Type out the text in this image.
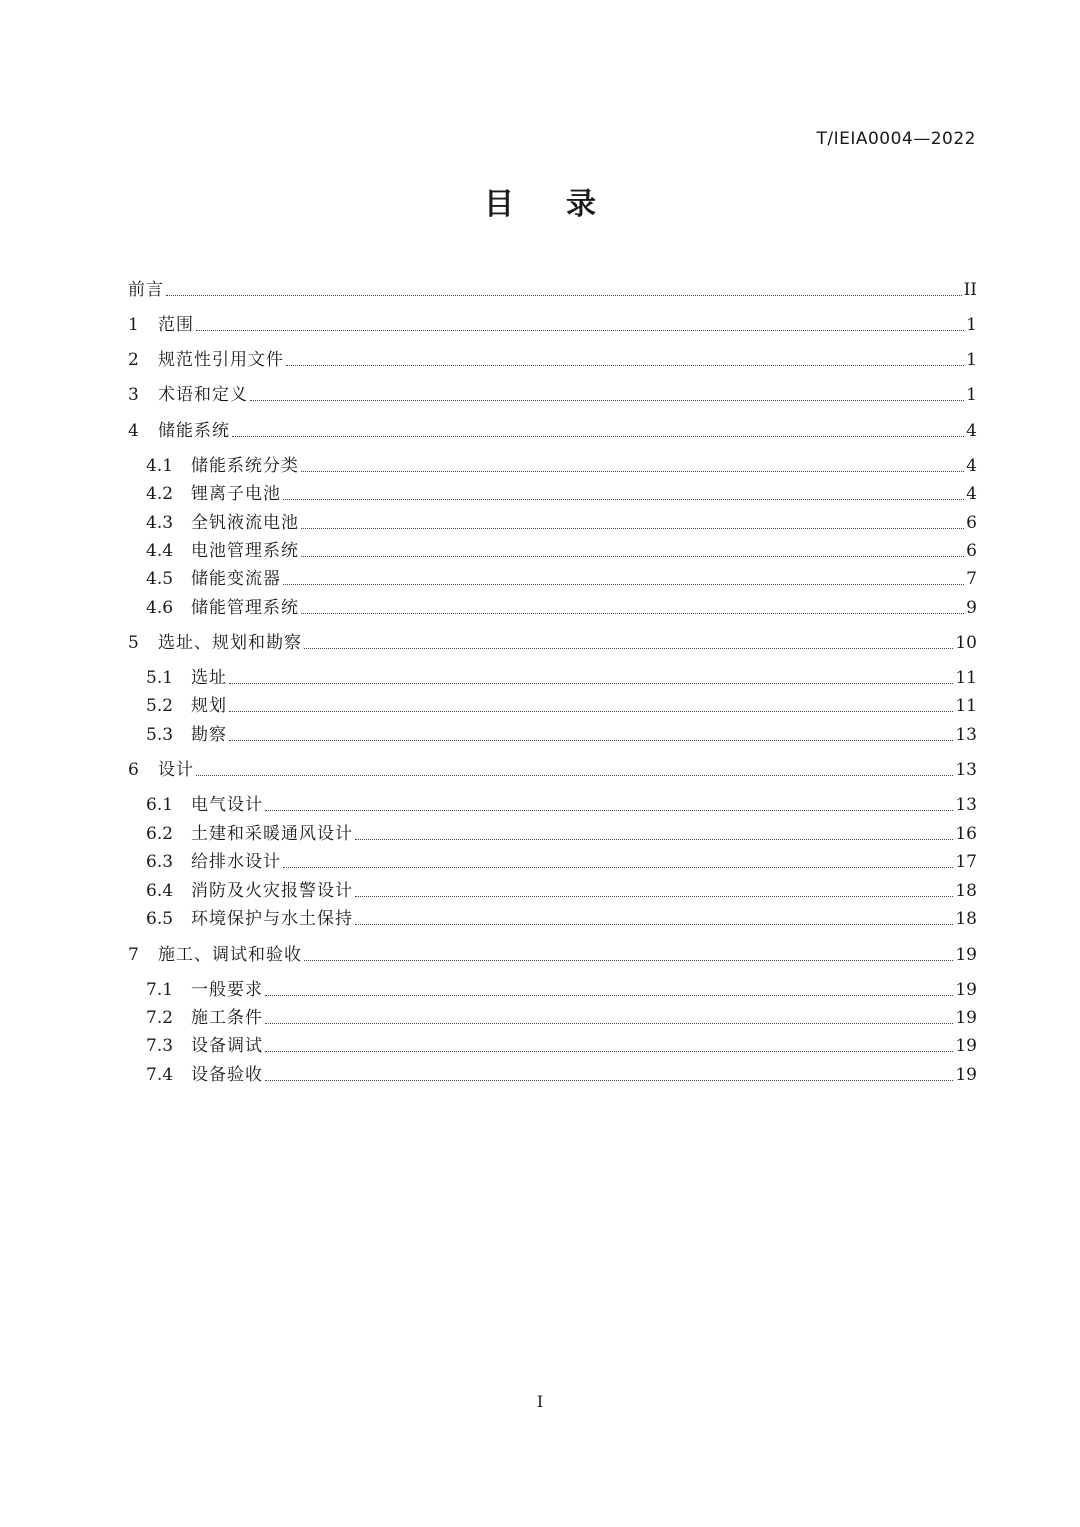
T/IEIA0004—2022
目录
前言	II
1	范围	1
2	规范性引用文件	1
3	术语和定义	1
4	储能系统	4
4.1	储能系统分类	4
4.2	锂离子电池	4
4.3	全钒液流电池	6
4.4	电池管理系统	6
4.5	储能变流器	7
4.6	储能管理系统	9
5	选址、规划和勘察	10
5.1	选址	11
5.2	规划	11
5.3	勘察	13
6	设计	13
6.1	电气设计	13
6.2	土建和采暖通风设计	16
6.3	给排水设计	17
6.4	消防及火灾报警设计	18
6.5	环境保护与水土保持	18
7	施工、调试和验收	19
7.1	一般要求	19
7.2	施工条件	19
7.3	设备调试	19
7.4	设备验收	19
I
